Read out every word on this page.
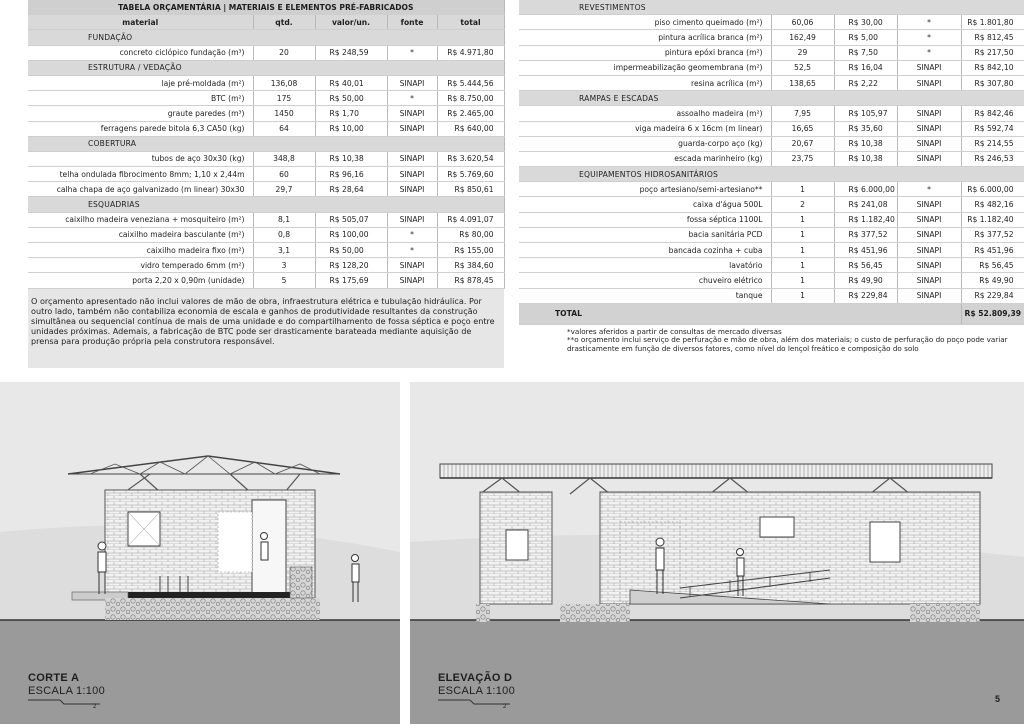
TABELA ORÇAMENTÁRIA | MATERIAIS E ELEMENTOS PRÉ-FABRICADOS				
material	qtd.	valor/un.	fonte	total
FUNDAÇÃO				
concreto ciclópico fundação (m³)	20	R$ 248,59	*	R$ 4.971,80
ESTRUTURA / VEDAÇÃO				
laje pré-moldada (m²)	136,08	R$ 40,01	SINAPI	R$ 5.444,56
BTC (m²)	175	R$ 50,00	*	R$ 8.750,00
graute paredes (m³)	1450	R$ 1,70	SINAPI	R$ 2.465,00
ferragens parede bitola 6,3 CA50 (kg)	64	R$ 10,00	SINAPI	R$ 640,00
COBERTURA				
tubos de aço 30x30 (kg)	348,8	R$ 10,38	SINAPI	R$ 3.620,54
telha ondulada fibrocimento 8mm; 1,10 x 2,44m	60	R$ 96,16	SINAPI	R$ 5.769,60
calha chapa de aço galvanizado (m linear) 30x30	29,7	R$ 28,64	SINAPI	R$ 850,61
ESQUADRIAS				
caixilho madeira veneziana + mosquiteiro (m²)	8,1	R$ 505,07	SINAPI	R$ 4.091,07
caixilho madeira basculante (m²)	0,8	R$ 100,00	*	R$ 80,00
caixilho madeira fixo (m²)	3,1	R$ 50,00	*	R$ 155,00
vidro temperado 6mm (m²)	3	R$ 128,20	SINAPI	R$ 384,60
porta 2,20 x 0,90m (unidade)	5	R$ 175,69	SINAPI	R$ 878,45
O orçamento apresentado não inclui valores de mão de obra, infraestrutura elétrica e tubulação hidráulica. Por outro lado, também não contabiliza economia de escala e ganhos de produtividade resultantes da construção simultânea ou sequencial contínua de mais de uma unidade e do compartilhamento de fossa séptica e poço entre unidades próximas. Ademais, a fabricação de BTC pode ser drasticamente barateada mediante aquisição de prensa para produção própria pela construtora responsável.
REVESTIMENTOS				
piso cimento queimado (m²)	60,06	R$ 30,00	*	R$ 1.801,80
pintura acrílica branca (m²)	162,49	R$ 5,00	*	R$ 812,45
pintura epóxi branca (m²)	29	R$ 7,50	*	R$ 217,50
impermeabilização geomembrana (m²)	52,5	R$ 16,04	SINAPI	R$ 842,10
resina acrílica (m²)	138,65	R$ 2,22	SINAPI	R$ 307,80
RAMPAS E ESCADAS				
assoalho madeira (m²)	7,95	R$ 105,97	SINAPI	R$ 842,46
viga madeira 6 x 16cm (m linear)	16,65	R$ 35,60	SINAPI	R$ 592,74
guarda-corpo aço (kg)	20,67	R$ 10,38	SINAPI	R$ 214,55
escada marinheiro (kg)	23,75	R$ 10,38	SINAPI	R$ 246,53
EQUIPAMENTOS HIDROSANITÁRIOS				
poço artesiano/semi-artesiano**	1	R$ 6.000,00	*	R$ 6.000,00
caixa d'água 500L	2	R$ 241,08	SINAPI	R$ 482,16
fossa séptica 1100L	1	R$ 1.182,40	SINAPI	R$ 1.182,40
bacia sanitária PCD	1	R$ 377,52	SINAPI	R$ 377,52
bancada cozinha + cuba	1	R$ 451,96	SINAPI	R$ 451,96
lavatório	1	R$ 56,45	SINAPI	R$ 56,45
chuveiro elétrico	1	R$ 49,90	SINAPI	R$ 49,90
tanque	1	R$ 229,84	SINAPI	R$ 229,84
TOTAL				R$ 52.809,39
*valores aferidos a partir de consultas de mercado diversas
**o orçamento inclui serviço de perfuração e mão de obra, além dos materiais; o custo de perfuração do poço pode variar drasticamente em função de diversos fatores, como nível do lençol freático e composição do solo
CORTE A
ESCALA 1:100
2
ELEVAÇÃO D
ESCALA 1:100
2
5
